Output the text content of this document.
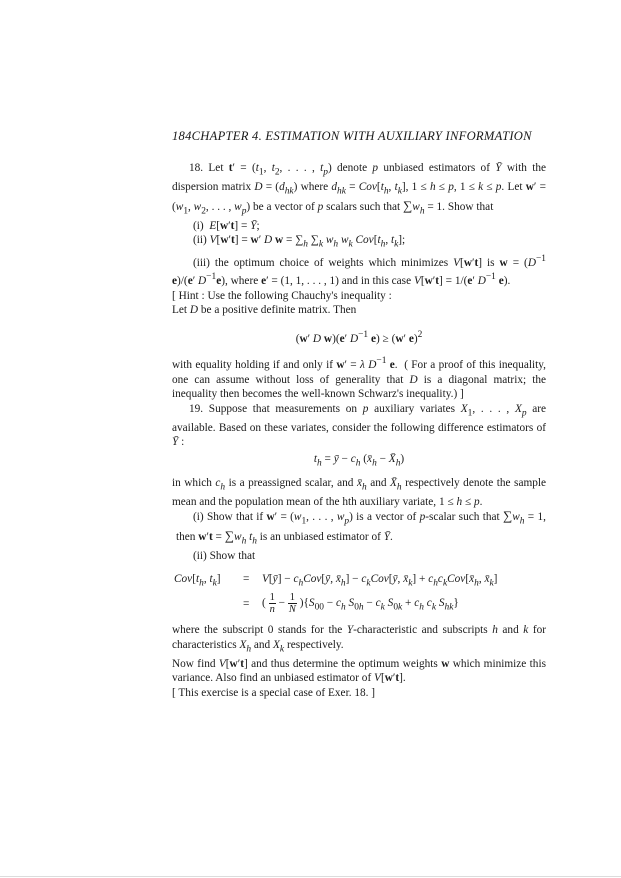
184CHAPTER 4. ESTIMATION WITH AUXILIARY INFORMATION

18. Let $t' = (t_1$, $t_2$, . . . , $t_p$) denote p unbiased estimators of Ȳ with the dispersion matrix $D = (d_{hk})$ where $d_{hk} = Cov[t_h$, $t_k$], 1 ≤ h ≤ p, 1 ≤ k ≤ p. Let $w' = (w_1$, $w_2$, . . . , $w_p$) be a vector of p scalars such that $\sum w_h = 1$. Show that

(i) E[w′t] = Ȳ;

(ii) V[w′t] = w′ D $w = \sum_h$ $\sum_k$ $w_h$ $w_k$ $Cov[t_h$, $t_k$];

(iii) the optimum choice of weights which minimizes V[w′t] is $w = (D^{-1}$ e)/(e′ $D^{-1}e$), where e′ = (1, 1, . . . , 1) and in this case V[w′t] = 1/(e′ $D^{-1}$ e).

[ Hint : Use the following Chauchy's inequality :

Let D be a positive definite matrix. Then

(w′ D w)(e′ $D^{-1}$ e) ≥ (w′ e)$^2$

with equality holding if and only if w′ = λ $D^{-1}$ e.  ( For a proof of this inequality, one can assume without loss of generality that D is a diagonal matrix; the inequality then becomes the well-known Schwarz's inequality.) ]

19. Suppose that measurements on p auxiliary variates $X_1$, . . . , $X_p$ are available. Based on these variates, consider the following difference estimators of Ȳ :

$t_h$ = ȳ − $c_h$ ($x̄_h$ − $X̄_h$)

in which $c_h$ is a preassigned scalar, and $x̄_h$ and $X̄_h$ respectively denote the sample mean and the population mean of the hth auxiliary variate, 1 ≤ h ≤ p.

(i) Show that if $w' = (w_1$, . . . , $w_p$) is a vector of p-scalar such that $\sum w_h = 1$, then $w't = \sum w_h$ $t_h$ is an unbiased estimator of Ȳ.

(ii) Show that

$Cov[t_h$, $t_k$] = V[ȳ] − $c_hCov[ȳ$, $x̄_h$] − $c_kCov[ȳ$, $x̄_k$] + $c_hc_kCov[x̄_h$, $x̄_k$]
= ( $\frac{1}{n} - \frac{1}{N} )\{S_{00} - c_h$ $S_{0h} - c_k$ $S_{0k} + c_h$ $c_k$ $S_{hk}$}

where the subscript 0 stands for the Y-characteristic and subscripts h and k for characteristics $X_h$ and $X_k$ respectively.

Now find V[w′t] and thus determine the optimum weights w which minimize this variance. Also find an unbiased estimator of V[w′t].

[ This exercise is a special case of Exer. 18. ]
